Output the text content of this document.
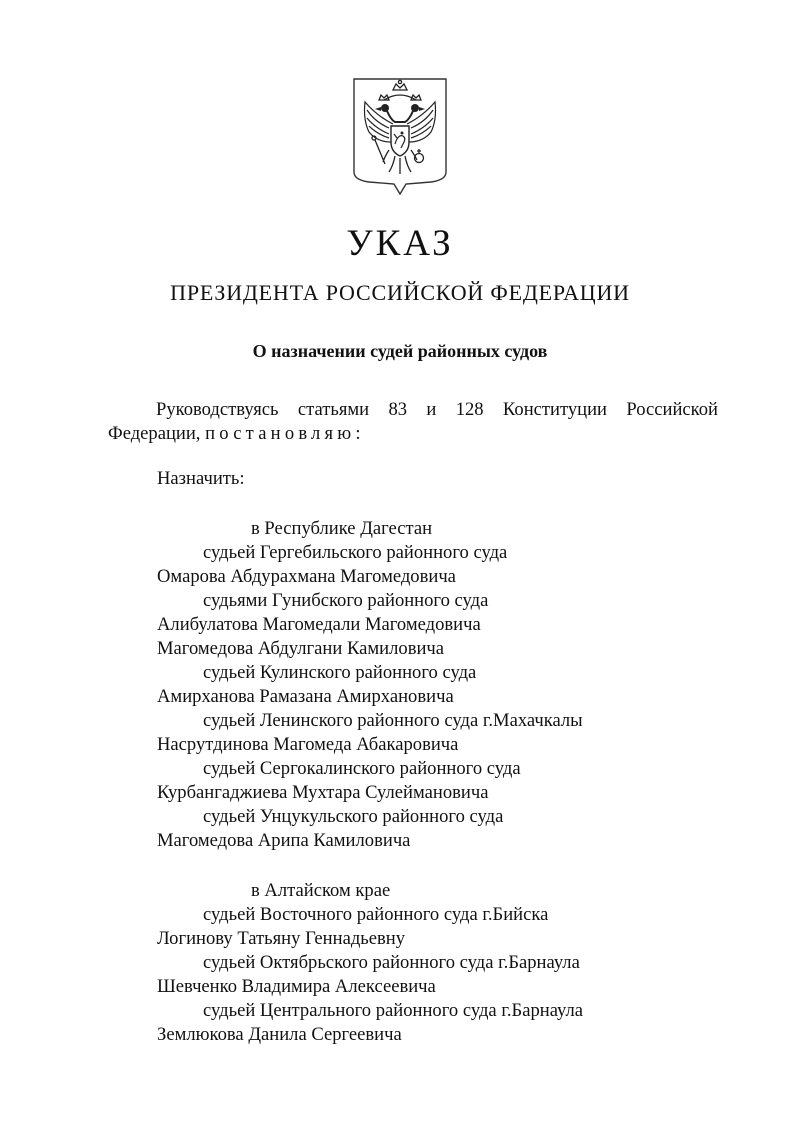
УКАЗ
ПРЕЗИДЕНТА РОССИЙСКОЙ ФЕДЕРАЦИИ
О назначении судей районных судов

Руководствуясь статьями 83 и 128 Конституции Российской
Федерации, постановляю:

Назначить:
в Республике Дагестан
судьей Гергебильского районного суда
Омарова Абдурахмана Магомедовича
судьями Гунибского районного суда
Алибулатова Магомедали Магомедовича
Магомедова Абдулгани Камиловича
судьей Кулинского районного суда
Амирханова Рамазана Амирхановича
судьей Ленинского районного суда г.Махачкалы
Насрутдинова Магомеда Абакаровича
судьей Сергокалинского районного суда
Курбангаджиева Мухтара Сулеймановича
судьей Унцукульского районного суда
Магомедова Арипа Камиловича
в Алтайском крае
судьей Восточного районного суда г.Бийска
Логинову Татьяну Геннадьевну
судьей Октябрьского районного суда г.Барнаула
Шевченко Владимира Алексеевича
судьей Центрального районного суда г.Барнаула
Землюкова Данила Сергеевича
